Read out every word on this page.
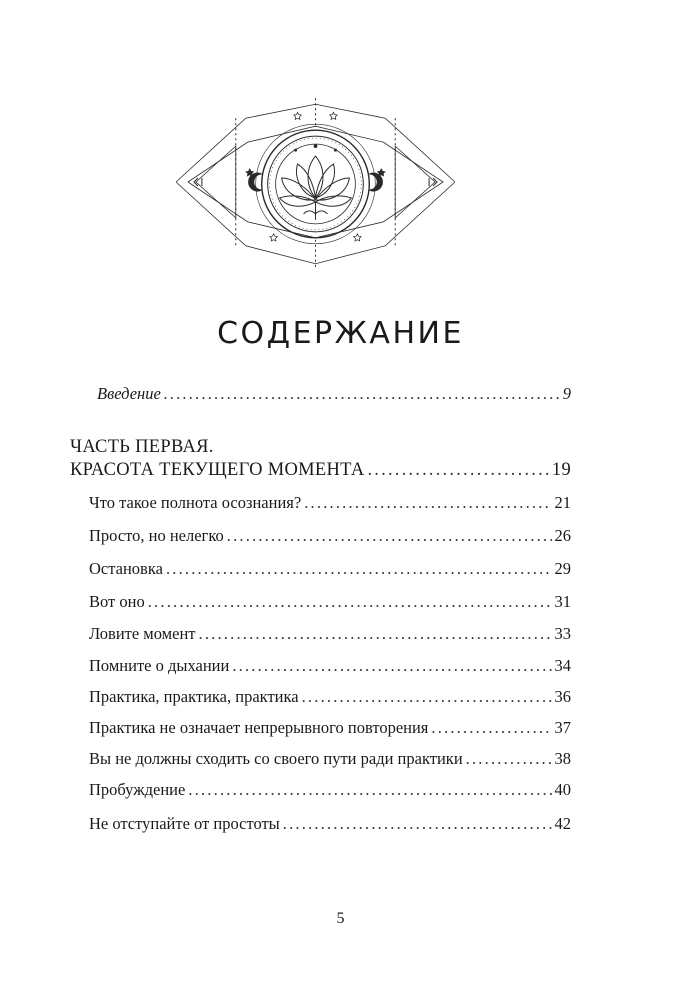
СОДЕРЖАНИЕ
Введение .....	9

ЧАСТЬ ПЕРВАЯ.

КРАСОТА ТЕКУЩЕГО МОМЕНТА .....	19
Что такое полнота осознания? .....	21
Просто, но нелегко .....	26
Остановка .....	29
Вот оно .....	31
Ловите момент .....	33
Помните о дыхании .....	34
Практика, практика, практика .....	36
Практика не означает непрерывного повторения .....	37
Вы не должны сходить со своего пути ради практики .....	38
Пробуждение .....	40
Не отступайте от простоты .....	42
5
